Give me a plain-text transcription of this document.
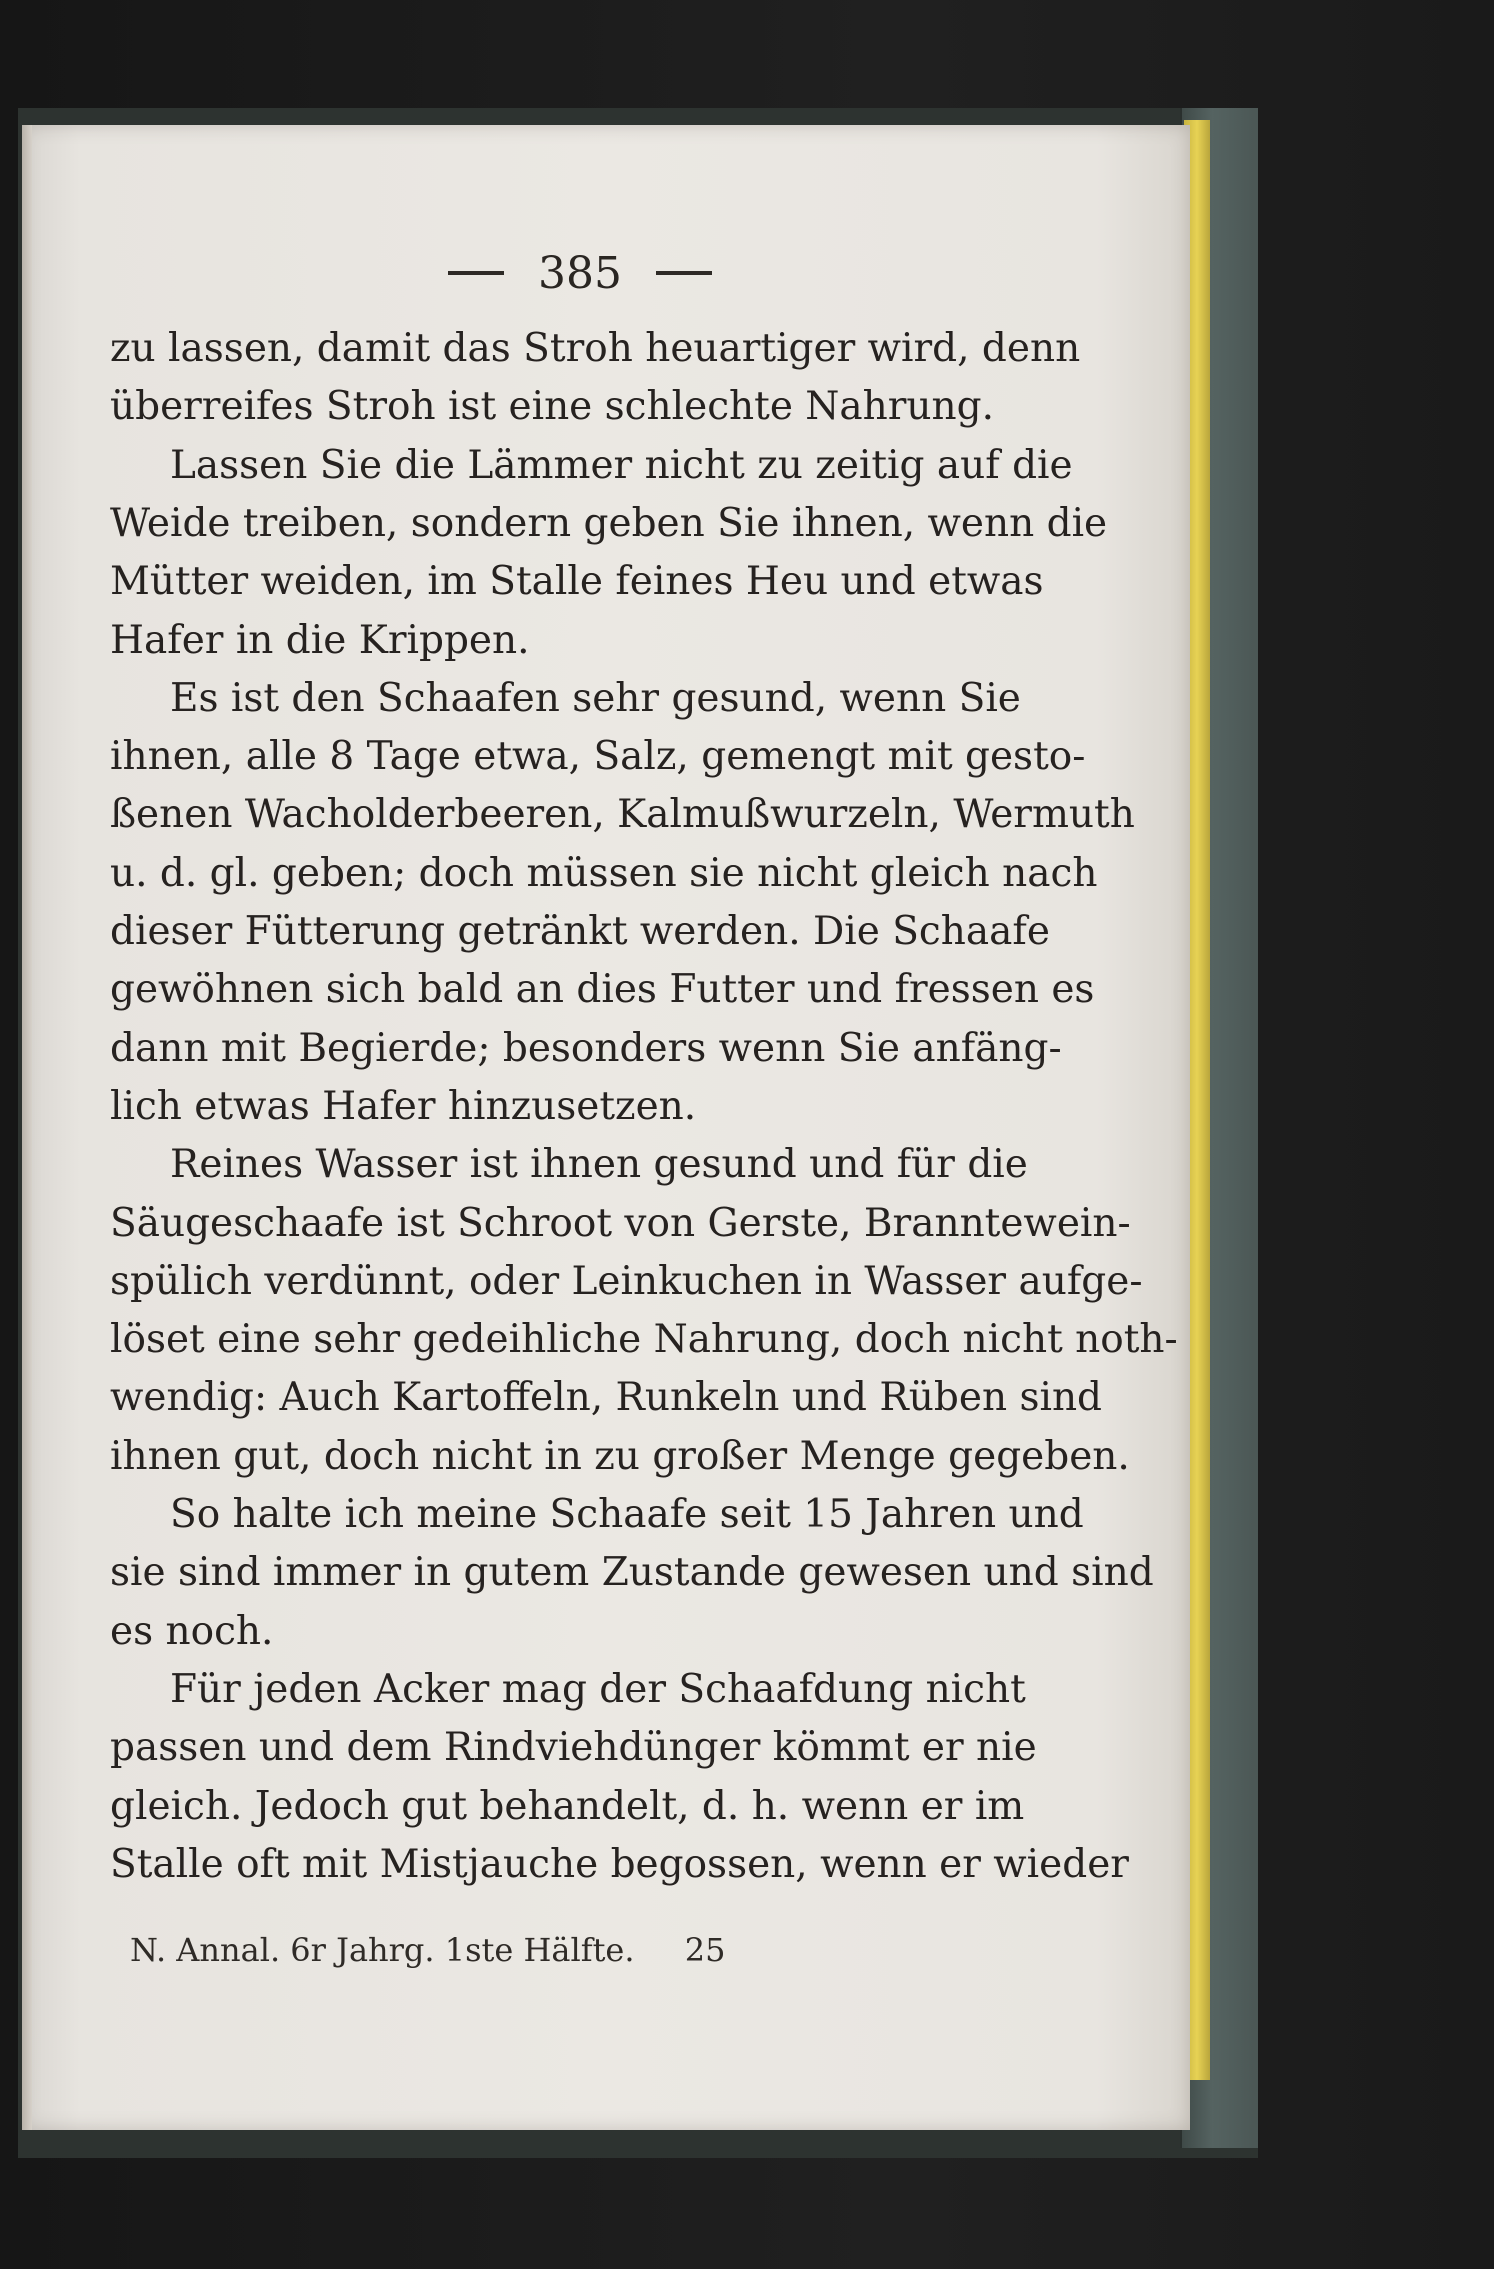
385
zu lassen, damit das Stroh heuartiger wird, denn
überreifes Stroh ist eine schlechte Nahrung.
Lassen Sie die Lämmer nicht zu zeitig auf die
Weide treiben, sondern geben Sie ihnen, wenn die
Mütter weiden, im Stalle feines Heu und etwas
Hafer in die Krippen.
Es ist den Schaafen sehr gesund, wenn Sie
ihnen, alle 8 Tage etwa, Salz, gemengt mit gesto-
ßenen Wacholderbeeren, Kalmußwurzeln, Wermuth
u. d. gl. geben; doch müssen sie nicht gleich nach
dieser Fütterung getränkt werden. Die Schaafe
gewöhnen sich bald an dies Futter und fressen es
dann mit Begierde; besonders wenn Sie anfäng-
lich etwas Hafer hinzusetzen.
Reines Wasser ist ihnen gesund und für die
Säugeschaafe ist Schroot von Gerste, Branntewein-
spülich verdünnt, oder Leinkuchen in Wasser aufge-
löset eine sehr gedeihliche Nahrung, doch nicht noth-
wendig: Auch Kartoffeln, Runkeln und Rüben sind
ihnen gut, doch nicht in zu großer Menge gegeben.
So halte ich meine Schaafe seit 15 Jahren und
sie sind immer in gutem Zustande gewesen und sind
es noch.
Für jeden Acker mag der Schaafdung nicht
passen und dem Rindviehdünger kömmt er nie
gleich. Jedoch gut behandelt, d. h. wenn er im
Stalle oft mit Mistjauche begossen, wenn er wieder
N. Annal. 6r Jahrg. 1ste Hälfte. 25
